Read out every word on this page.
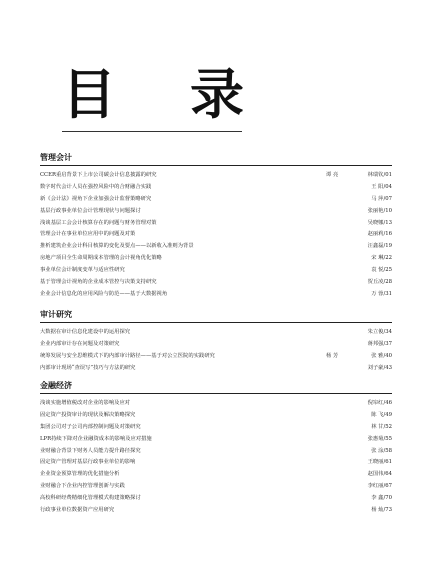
目录
管理会计
CCER重启背景下上市公司碳会计信息披露的研究	谭 亮	林瑞钦/01
数字时代会计人员在强控风险中的合财融合实践	王 阳/04
新《会计法》视角下企业加强会计监督策略研究	马 萍/07
基层行政事业单位会计管理现状与问题探讨	张丽艳/10
浅谈基层工会会计核算存在的问题与财务管理对策	吴晓娜/13
管理会计在事业单位应用中的问题及对策	赵丽莉/16
推析建筑企业会计科目核算的变化及要点——以新收入准则为背景	汪鑫磊/19
房地产项目全生命周期成本管理的会计视角优化策略	宋 琳/22
事业单位会计制度变革与适应性研究	袁 悦/25
基于管理会计视角的企业成本管控与决策支持研究	贺丘凌/28
企业会计信息化的应用风险与防范——基于大数据视角	万 蓉/31
审计研究
大数据在审计信息化建设中的运用探究	朱立俊/34
企业内部审计存在问题及对策研究	蒋邦强/37
统筹发展与安全思维模式下的内部审计路径——基于对公立医院的实践研究	杨 芳	张 雅/40
内部审计现场“查误写”技巧与方法的研究	刘子豪/43
金融经济
浅谈实施增值税改对企业的影响及应对	倪帘红/46
固定资产投资审计的现状及解决策略探究	陈 飞/49
集团公司对子公司内部控制问题及对策研究	林 甘/52
LPR持续下降对企业融资成本的影响及应对措施	张惠菊/55
业财融合背景下财务人员能力提升路径探究	张 涂/58
固定资产管理对基层行政事业单位的影响	王晓丽/61
企业资金预算管理的优化措施分析	赵国伟/64
业财融合下企业内控管理创新与实践	李红丽/67
高校科研经费精细化管理模式构建策略探讨	李 鑫/70
行政事业单位数据资产应用研究	杨 灿/73
